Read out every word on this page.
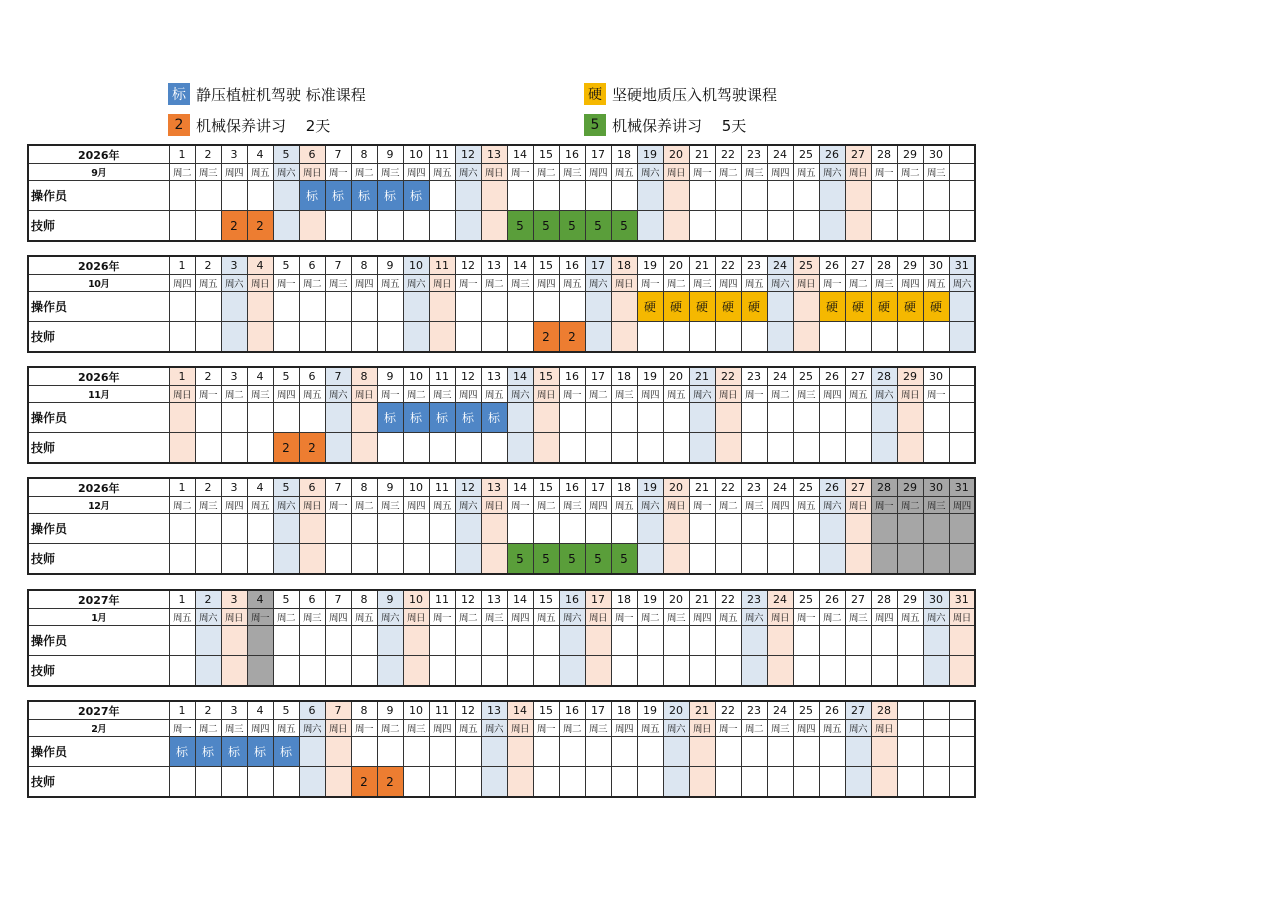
标 静压植桩机驾驶 标准课程	硬 坚硬地质压入机驾驶课程
2 机械保养讲习　 2天	5 机械保养讲习　 5天
2026年	1	2	3	4	5	6	7	8	9	10	11	12	13	14	15	16	17	18	19	20	21	22	23	24	25	26	27	28	29	30	
9月	周二	周三	周四	周五	周六	周日	周一	周二	周三	周四	周五	周六	周日	周一	周二	周三	周四	周五	周六	周日	周一	周二	周三	周四	周五	周六	周日	周一	周二	周三	
操作员						标	标	标	标	标																					
技师			2	2										5	5	5	5	5													
2026年	1	2	3	4	5	6	7	8	9	10	11	12	13	14	15	16	17	18	19	20	21	22	23	24	25	26	27	28	29	30	31
10月	周四	周五	周六	周日	周一	周二	周三	周四	周五	周六	周日	周一	周二	周三	周四	周五	周六	周日	周一	周二	周三	周四	周五	周六	周日	周一	周二	周三	周四	周五	周六
操作员																			硬	硬	硬	硬	硬			硬	硬	硬	硬	硬	
技师															2	2															
2026年	1	2	3	4	5	6	7	8	9	10	11	12	13	14	15	16	17	18	19	20	21	22	23	24	25	26	27	28	29	30	
11月	周日	周一	周二	周三	周四	周五	周六	周日	周一	周二	周三	周四	周五	周六	周日	周一	周二	周三	周四	周五	周六	周日	周一	周二	周三	周四	周五	周六	周日	周一	
操作员									标	标	标	标	标																		
技师					2	2																									
2026年	1	2	3	4	5	6	7	8	9	10	11	12	13	14	15	16	17	18	19	20	21	22	23	24	25	26	27	28	29	30	31
12月	周二	周三	周四	周五	周六	周日	周一	周二	周三	周四	周五	周六	周日	周一	周二	周三	周四	周五	周六	周日	周一	周二	周三	周四	周五	周六	周日	周一	周二	周三	周四
操作员																															
技师														5	5	5	5	5													
2027年	1	2	3	4	5	6	7	8	9	10	11	12	13	14	15	16	17	18	19	20	21	22	23	24	25	26	27	28	29	30	31
1月	周五	周六	周日	周一	周二	周三	周四	周五	周六	周日	周一	周二	周三	周四	周五	周六	周日	周一	周二	周三	周四	周五	周六	周日	周一	周二	周三	周四	周五	周六	周日
操作员																															
技师																															
2027年	1	2	3	4	5	6	7	8	9	10	11	12	13	14	15	16	17	18	19	20	21	22	23	24	25	26	27	28			
2月	周一	周二	周三	周四	周五	周六	周日	周一	周二	周三	周四	周五	周六	周日	周一	周二	周三	周四	周五	周六	周日	周一	周二	周三	周四	周五	周六	周日			
操作员	标	标	标	标	标																										
技师								2	2																						
